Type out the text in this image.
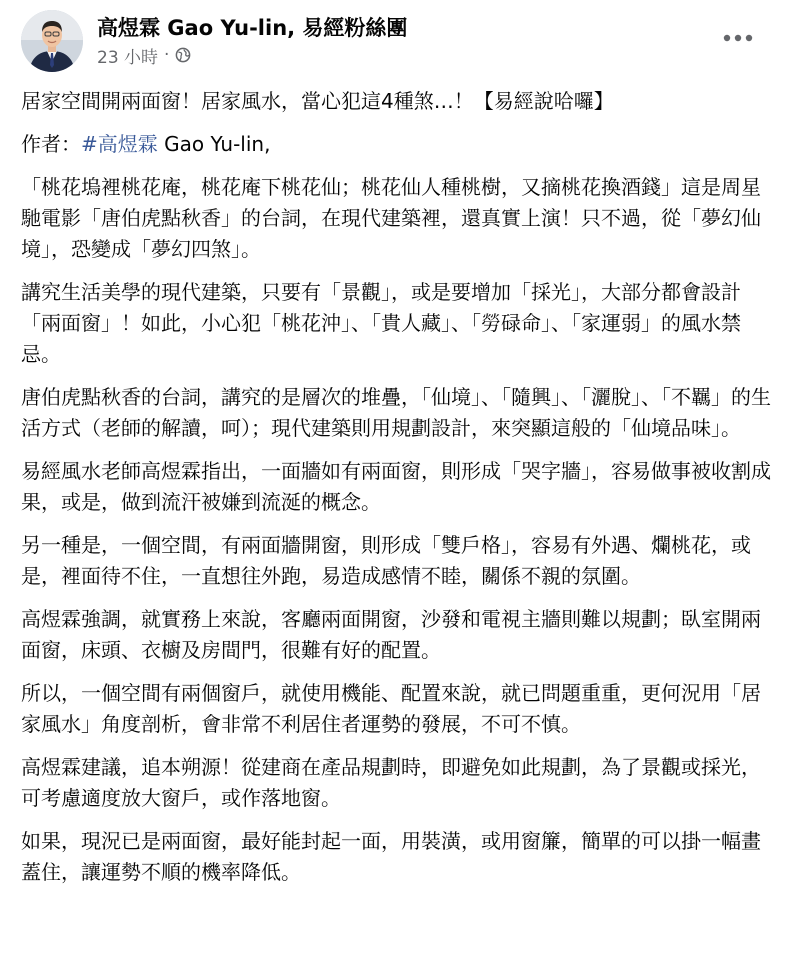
高煜霖 Gao Yu-lin, 易經粉絲團
23 小時 ·

居家空間開兩面窗！居家風水，當心犯這4種煞…！【易經說哈囉】

作者：#高煜霖 Gao Yu-lin,

「桃花塢裡桃花庵，桃花庵下桃花仙；桃花仙人種桃樹，又摘桃花換酒錢」這是周星馳電影「唐伯虎點秋香」的台詞，在現代建築裡，還真實上演！只不過，從「夢幻仙境」，恐變成「夢幻四煞」。

講究生活美學的現代建築，只要有「景觀」，或是要增加「採光」，大部分都會設計「兩面窗」！如此，小心犯「桃花沖」、「貴人藏」、「勞碌命」、「家運弱」的風水禁忌。

唐伯虎點秋香的台詞，講究的是層次的堆疊，「仙境」、「隨興」、「灑脫」、「不羈」的生活方式（老師的解讀，呵）；現代建築則用規劃設計，來突顯這般的「仙境品味」。

易經風水老師高煜霖指出，一面牆如有兩面窗，則形成「哭字牆」，容易做事被收割成果，或是，做到流汗被嫌到流涎的概念。

另一種是，一個空間，有兩面牆開窗，則形成「雙戶格」，容易有外遇、爛桃花，或是，裡面待不住，一直想往外跑，易造成感情不睦，關係不親的氛圍。

高煜霖強調，就實務上來說，客廳兩面開窗，沙發和電視主牆則難以規劃；臥室開兩面窗，床頭、衣櫥及房間門，很難有好的配置。

所以，一個空間有兩個窗戶，就使用機能、配置來說，就已問題重重，更何況用「居家風水」角度剖析，會非常不利居住者運勢的發展，不可不慎。

高煜霖建議，追本朔源！從建商在產品規劃時，即避免如此規劃，為了景觀或採光，可考慮適度放大窗戶，或作落地窗。

如果，現況已是兩面窗，最好能封起一面，用裝潢，或用窗簾，簡單的可以掛一幅畫蓋住，讓運勢不順的機率降低。
